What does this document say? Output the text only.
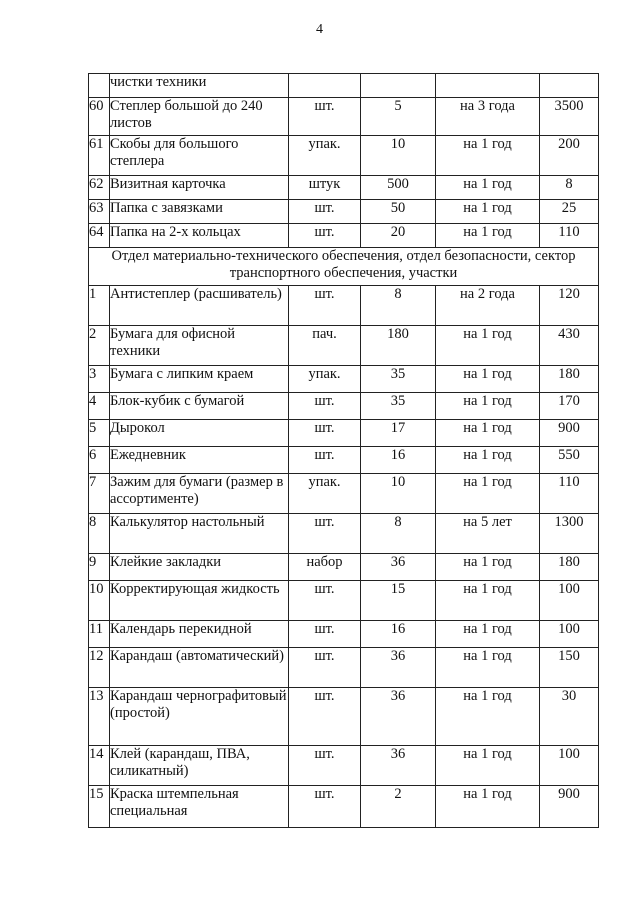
4
	чистки техники				
60	Степлер большой до 240 листов	шт.	5	на 3 года	3500
61	Скобы для большого степлера	упак.	10	на 1 год	200
62	Визитная карточка	штук	500	на 1 год	8
63	Папка с завязками	шт.	50	на 1 год	25
64	Папка на 2-х кольцах	шт.	20	на 1 год	110
Отдел материально-технического обеспечения, отдел безопасности, сектор транспортного обеспечения, участки					
1	Антистеплер (расшиватель)	шт.	8	на 2 года	120
2	Бумага для офисной техники	пач.	180	на 1 год	430
3	Бумага с липким краем	упак.	35	на 1 год	180
4	Блок-кубик с бумагой	шт.	35	на 1 год	170
5	Дырокол	шт.	17	на 1 год	900
6	Ежедневник	шт.	16	на 1 год	550
7	Зажим для бумаги (размер в ассортименте)	упак.	10	на 1 год	110
8	Калькулятор настольный	шт.	8	на 5 лет	1300
9	Клейкие закладки	набор	36	на 1 год	180
10	Корректирующая жидкость	шт.	15	на 1 год	100
11	Календарь перекидной	шт.	16	на 1 год	100
12	Карандаш (автоматический)	шт.	36	на 1 год	150
13	Карандаш чернографитовый (простой)	шт.	36	на 1 год	30
14	Клей (карандаш, ПВА, силикатный)	шт.	36	на 1 год	100
15	Краска штемпельная специальная	шт.	2	на 1 год	900
